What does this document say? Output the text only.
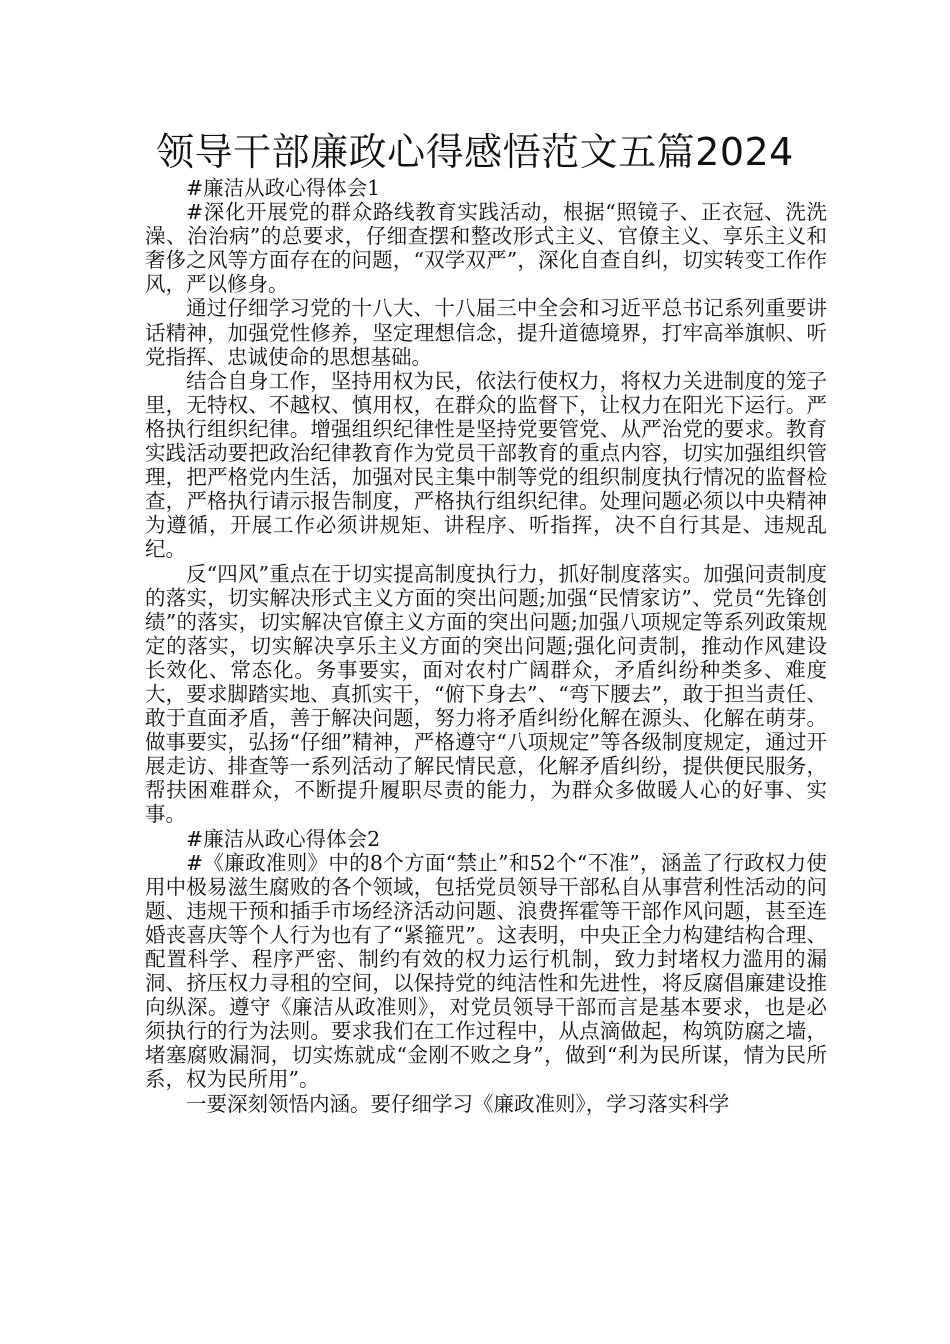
领导干部廉政心得感悟范文五篇2024

#廉洁从政心得体会1

#深化开展党的群众路线教育实践活动，根据“照镜子、正衣冠、洗洗澡、治治病”的总要求，仔细查摆和整改形式主义、官僚主义、享乐主义和奢侈之风等方面存在的问题，“双学双严”，深化自查自纠，切实转变工作作风，严以修身。

通过仔细学习党的十八大、十八届三中全会和习近平总书记系列重要讲话精神，加强党性修养，坚定理想信念，提升道德境界，打牢高举旗帜、听党指挥、忠诚使命的思想基础。

结合自身工作，坚持用权为民，依法行使权力，将权力关进制度的笼子里，无特权、不越权、慎用权，在群众的监督下，让权力在阳光下运行。严格执行组织纪律。增强组织纪律性是坚持党要管党、从严治党的要求。教育实践活动要把政治纪律教育作为党员干部教育的重点内容，切实加强组织管理，把严格党内生活，加强对民主集中制等党的组织制度执行情况的监督检查，严格执行请示报告制度，严格执行组织纪律。处理问题必须以中央精神为遵循，开展工作必须讲规矩、讲程序、听指挥，决不自行其是、违规乱纪。

反“四风”重点在于切实提高制度执行力，抓好制度落实。加强问责制度的落实，切实解决形式主义方面的突出问题;加强“民情家访”、党员“先锋创绩”的落实，切实解决官僚主义方面的突出问题;加强八项规定等系列政策规定的落实，切实解决享乐主义方面的突出问题;强化问责制，推动作风建设长效化、常态化。务事要实，面对农村广阔群众，矛盾纠纷种类多、难度大，要求脚踏实地、真抓实干，“俯下身去”、“弯下腰去”，敢于担当责任、敢于直面矛盾，善于解决问题，努力将矛盾纠纷化解在源头、化解在萌芽。做事要实，弘扬“仔细”精神，严格遵守“八项规定”等各级制度规定，通过开展走访、排查等一系列活动了解民情民意，化解矛盾纠纷，提供便民服务，帮扶困难群众，不断提升履职尽责的能力，为群众多做暖人心的好事、实事。

#廉洁从政心得体会2

#《廉政准则》中的8个方面“禁止”和52个“不准”，涵盖了行政权力使用中极易滋生腐败的各个领域，包括党员领导干部私自从事营利性活动的问题、违规干预和插手市场经济活动问题、浪费挥霍等干部作风问题，甚至连婚丧喜庆等个人行为也有了“紧箍咒”。这表明，中央正全力构建结构合理、配置科学、程序严密、制约有效的权力运行机制，致力封堵权力滥用的漏洞、挤压权力寻租的空间，以保持党的纯洁性和先进性，将反腐倡廉建设推向纵深。遵守《廉洁从政准则》，对党员领导干部而言是基本要求，也是必须执行的行为法则。要求我们在工作过程中，从点滴做起，构筑防腐之墙，堵塞腐败漏洞，切实炼就成“金刚不败之身”，做到“利为民所谋，情为民所系，权为民所用”。

一要深刻领悟内涵。要仔细学习《廉政准则》，学习落实科学
